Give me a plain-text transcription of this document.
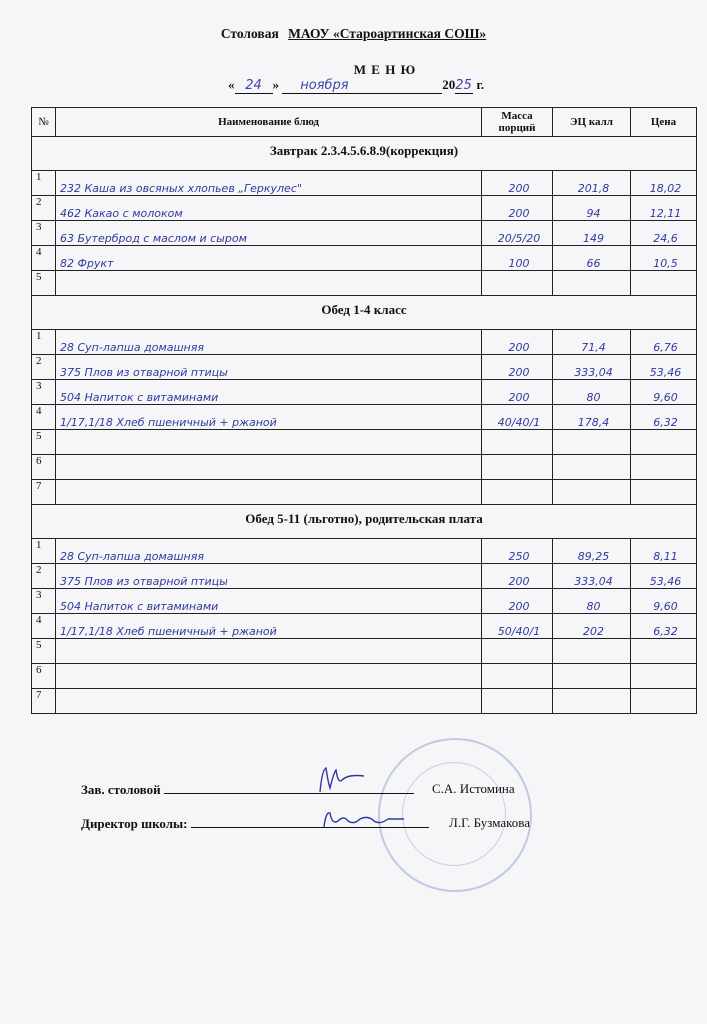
Столовая МАОУ «Староартинская СОШ»
М Е Н Ю
« 24 » ноября	2025 г.
№	Наименование блюд	Масса порций	ЭЦ калл	Цена
Завтрак 2.3.4.5.6.8.9(коррекция)				
1	232 Каша из овсяных хлопьев „Геркулес"	200	201,8	18,02
2	462 Какао с молоком	200	94	12,11
3	63 Бутерброд с маслом и сыром	20/5/20	149	24,6
4	82 Фрукт	100	66	10,5
5				
Обед 1-4 класс				
1	28 Суп-лапша домашняя	200	71,4	6,76
2	375 Плов из отварной птицы	200	333,04	53,46
3	504 Напиток с витаминами	200	80	9,60
4	1/17,1/18 Хлеб пшеничный + ржаной	40/40/1	178,4	6,32
5				
6				
7				
Обед 5-11 (льготно), родительская плата				
1	28 Суп-лапша домашняя	250	89,25	8,11
2	375 Плов из отварной птицы	200	333,04	53,46
3	504 Напиток с витаминами	200	80	9,60
4	1/17,1/18 Хлеб пшеничный + ржаной	50/40/1	202	6,32
5				
6				
7				
Зав. столовой	С.А. Истомина
Директор школы:	Л.Г. Бузмакова
